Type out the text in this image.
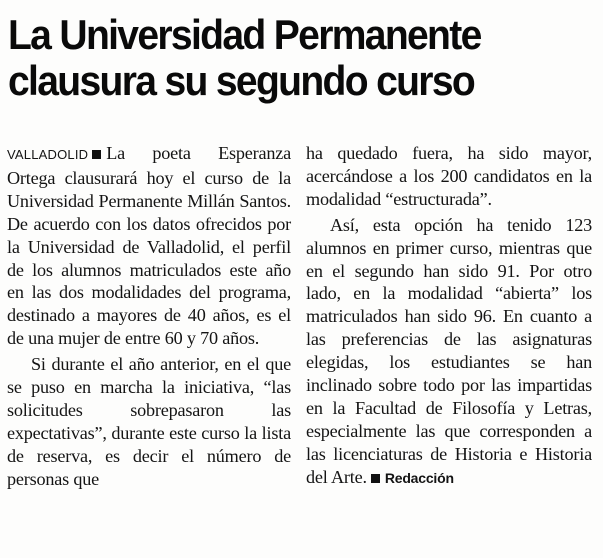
La Universidad Permanente
clausura su segundo curso

VALLADOLID La poeta Esperanza Ortega clausurará hoy el curso de la Universidad Permanente Millán Santos. De acuerdo con los datos ofrecidos por la Universidad de Valladolid, el perfil de los alumnos matriculados este año en las dos modalidades del programa, destinado a mayores de 40 años, es el de una mujer de entre 60 y 70 años.

Si durante el año anterior, en el que se puso en marcha la iniciativa, “las solicitudes sobrepasaron las expectativas”, durante este curso la lista de reserva, es decir el número de personas que

ha quedado fuera, ha sido mayor, acercándose a los 200 candidatos en la modalidad “estructurada”.

Así, esta opción ha tenido 123 alumnos en primer curso, mientras que en el segundo han sido 91. Por otro lado, en la modalidad “abierta” los matriculados han sido 96. En cuanto a las preferencias de las asignaturas elegidas, los estudiantes se han inclinado sobre todo por las impartidas en la Facultad de Filosofía y Letras, especialmente las que corresponden a las licenciaturas de Historia e Historia del Arte. Redacción
